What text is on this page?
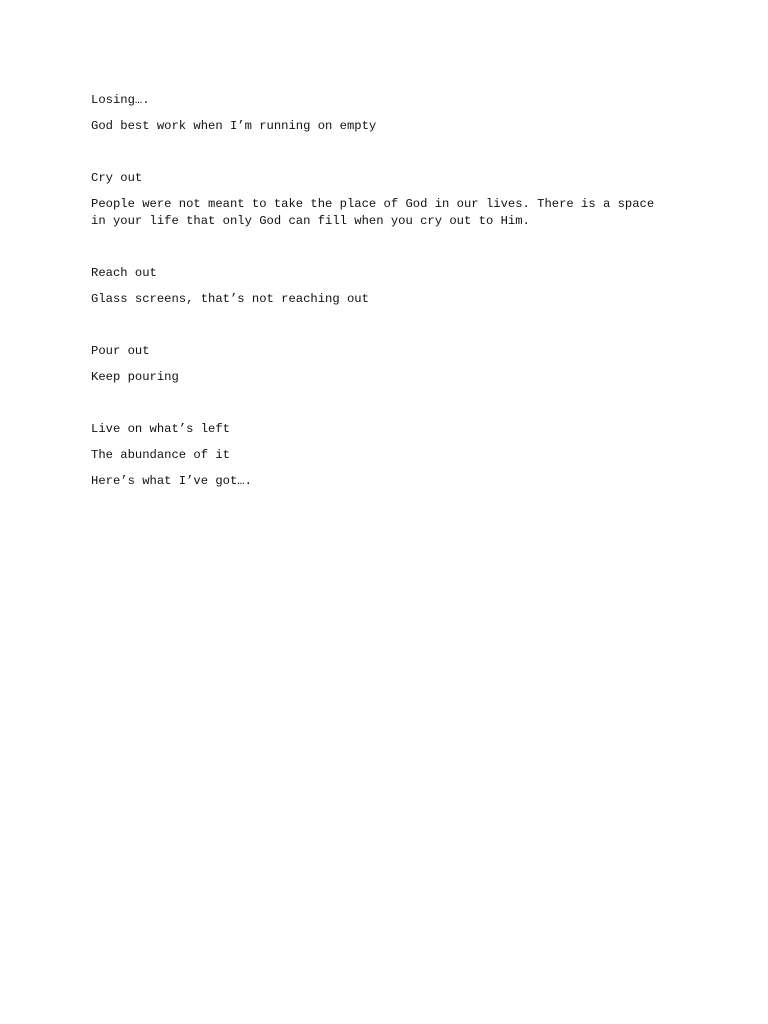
Losing….

God best work when I’m running on empty

Cry out

People were not meant to take the place of God in our lives. There is a space
in your life that only God can fill when you cry out to Him.

Reach out

Glass screens, that’s not reaching out

Pour out

Keep pouring

Live on what’s left

The abundance of it

Here’s what I’ve got….
